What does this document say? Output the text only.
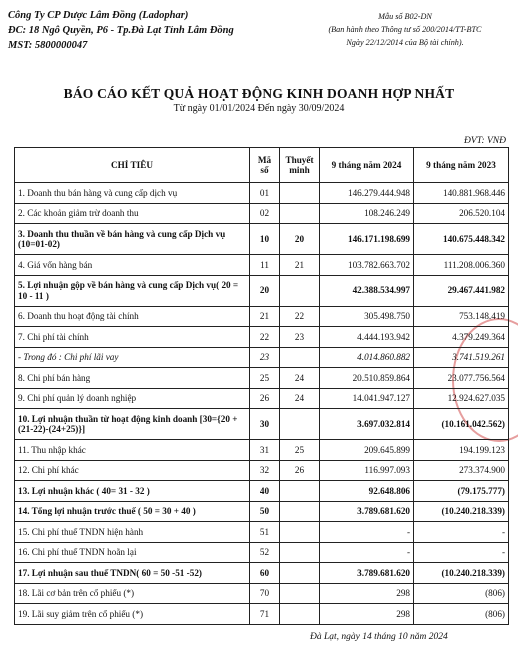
Công Ty CP Dược Lâm Đồng (Ladophar)
ĐC: 18 Ngô Quyền, P6 - Tp.Đà Lạt Tỉnh Lâm Đồng
MST: 5800000047
Mẫu số B02-DN
(Ban hành theo Thông tư số 200/2014/TT-BTC
Ngày 22/12/2014 của Bộ tài chính).
BÁO CÁO KẾT QUẢ HOẠT ĐỘNG KINH DOANH HỢP NHẤT
Từ ngày 01/01/2024 Đến ngày 30/09/2024
ĐVT: VNĐ
CHỈ TIÊU	Mã số	Thuyết minh	9 tháng năm 2024	9 tháng năm 2023
1. Doanh thu bán hàng và cung cấp dịch vụ	01		146.279.444.948	140.881.968.446
2. Các khoản giảm trừ doanh thu	02		108.246.249	206.520.104
3. Doanh thu thuần về bán hàng và cung cấp Dịch vụ (10=01-02)	10	20	146.171.198.699	140.675.448.342
4. Giá vốn hàng bán	11	21	103.782.663.702	111.208.006.360
5. Lợi nhuận gộp về bán hàng và cung cấp Dịch vụ( 20 = 10 - 11 )	20		42.388.534.997	29.467.441.982
6. Doanh thu hoạt động tài chính	21	22	305.498.750	753.148.419
7. Chi phí tài chính	22	23	4.444.193.942	4.379.249.364
- Trong đó : Chi phí lãi vay	23		4.014.860.882	3.741.519.261
8. Chi phí bán hàng	25	24	20.510.859.864	23.077.756.564
9. Chi phí quản lý doanh nghiệp	26	24	14.041.947.127	12.924.627.035
10. Lợi nhuận thuần từ hoạt động kinh doanh [30={20 +(21-22)-(24+25)}]	30		3.697.032.814	(10.161.042.562)
11. Thu nhập khác	31	25	209.645.899	194.199.123
12. Chi phí khác	32	26	116.997.093	273.374.900
13. Lợi nhuận khác ( 40= 31 - 32 )	40		92.648.806	(79.175.777)
14. Tổng lợi nhuận trước thuế ( 50 = 30 + 40 )	50		3.789.681.620	(10.240.218.339)
15. Chi phí thuế TNDN hiện hành	51		-	-
16. Chi phí thuế TNDN hoãn lại	52		-	-
17. Lợi nhuận sau thuế TNDN( 60 = 50 -51 -52)	60		3.789.681.620	(10.240.218.339)
18. Lãi cơ bản trên cổ phiếu (*)	70		298	(806)
19. Lãi suy giảm trên cổ phiếu (*)	71		298	(806)
Đà Lạt, ngày 14 tháng 10 năm 2024
